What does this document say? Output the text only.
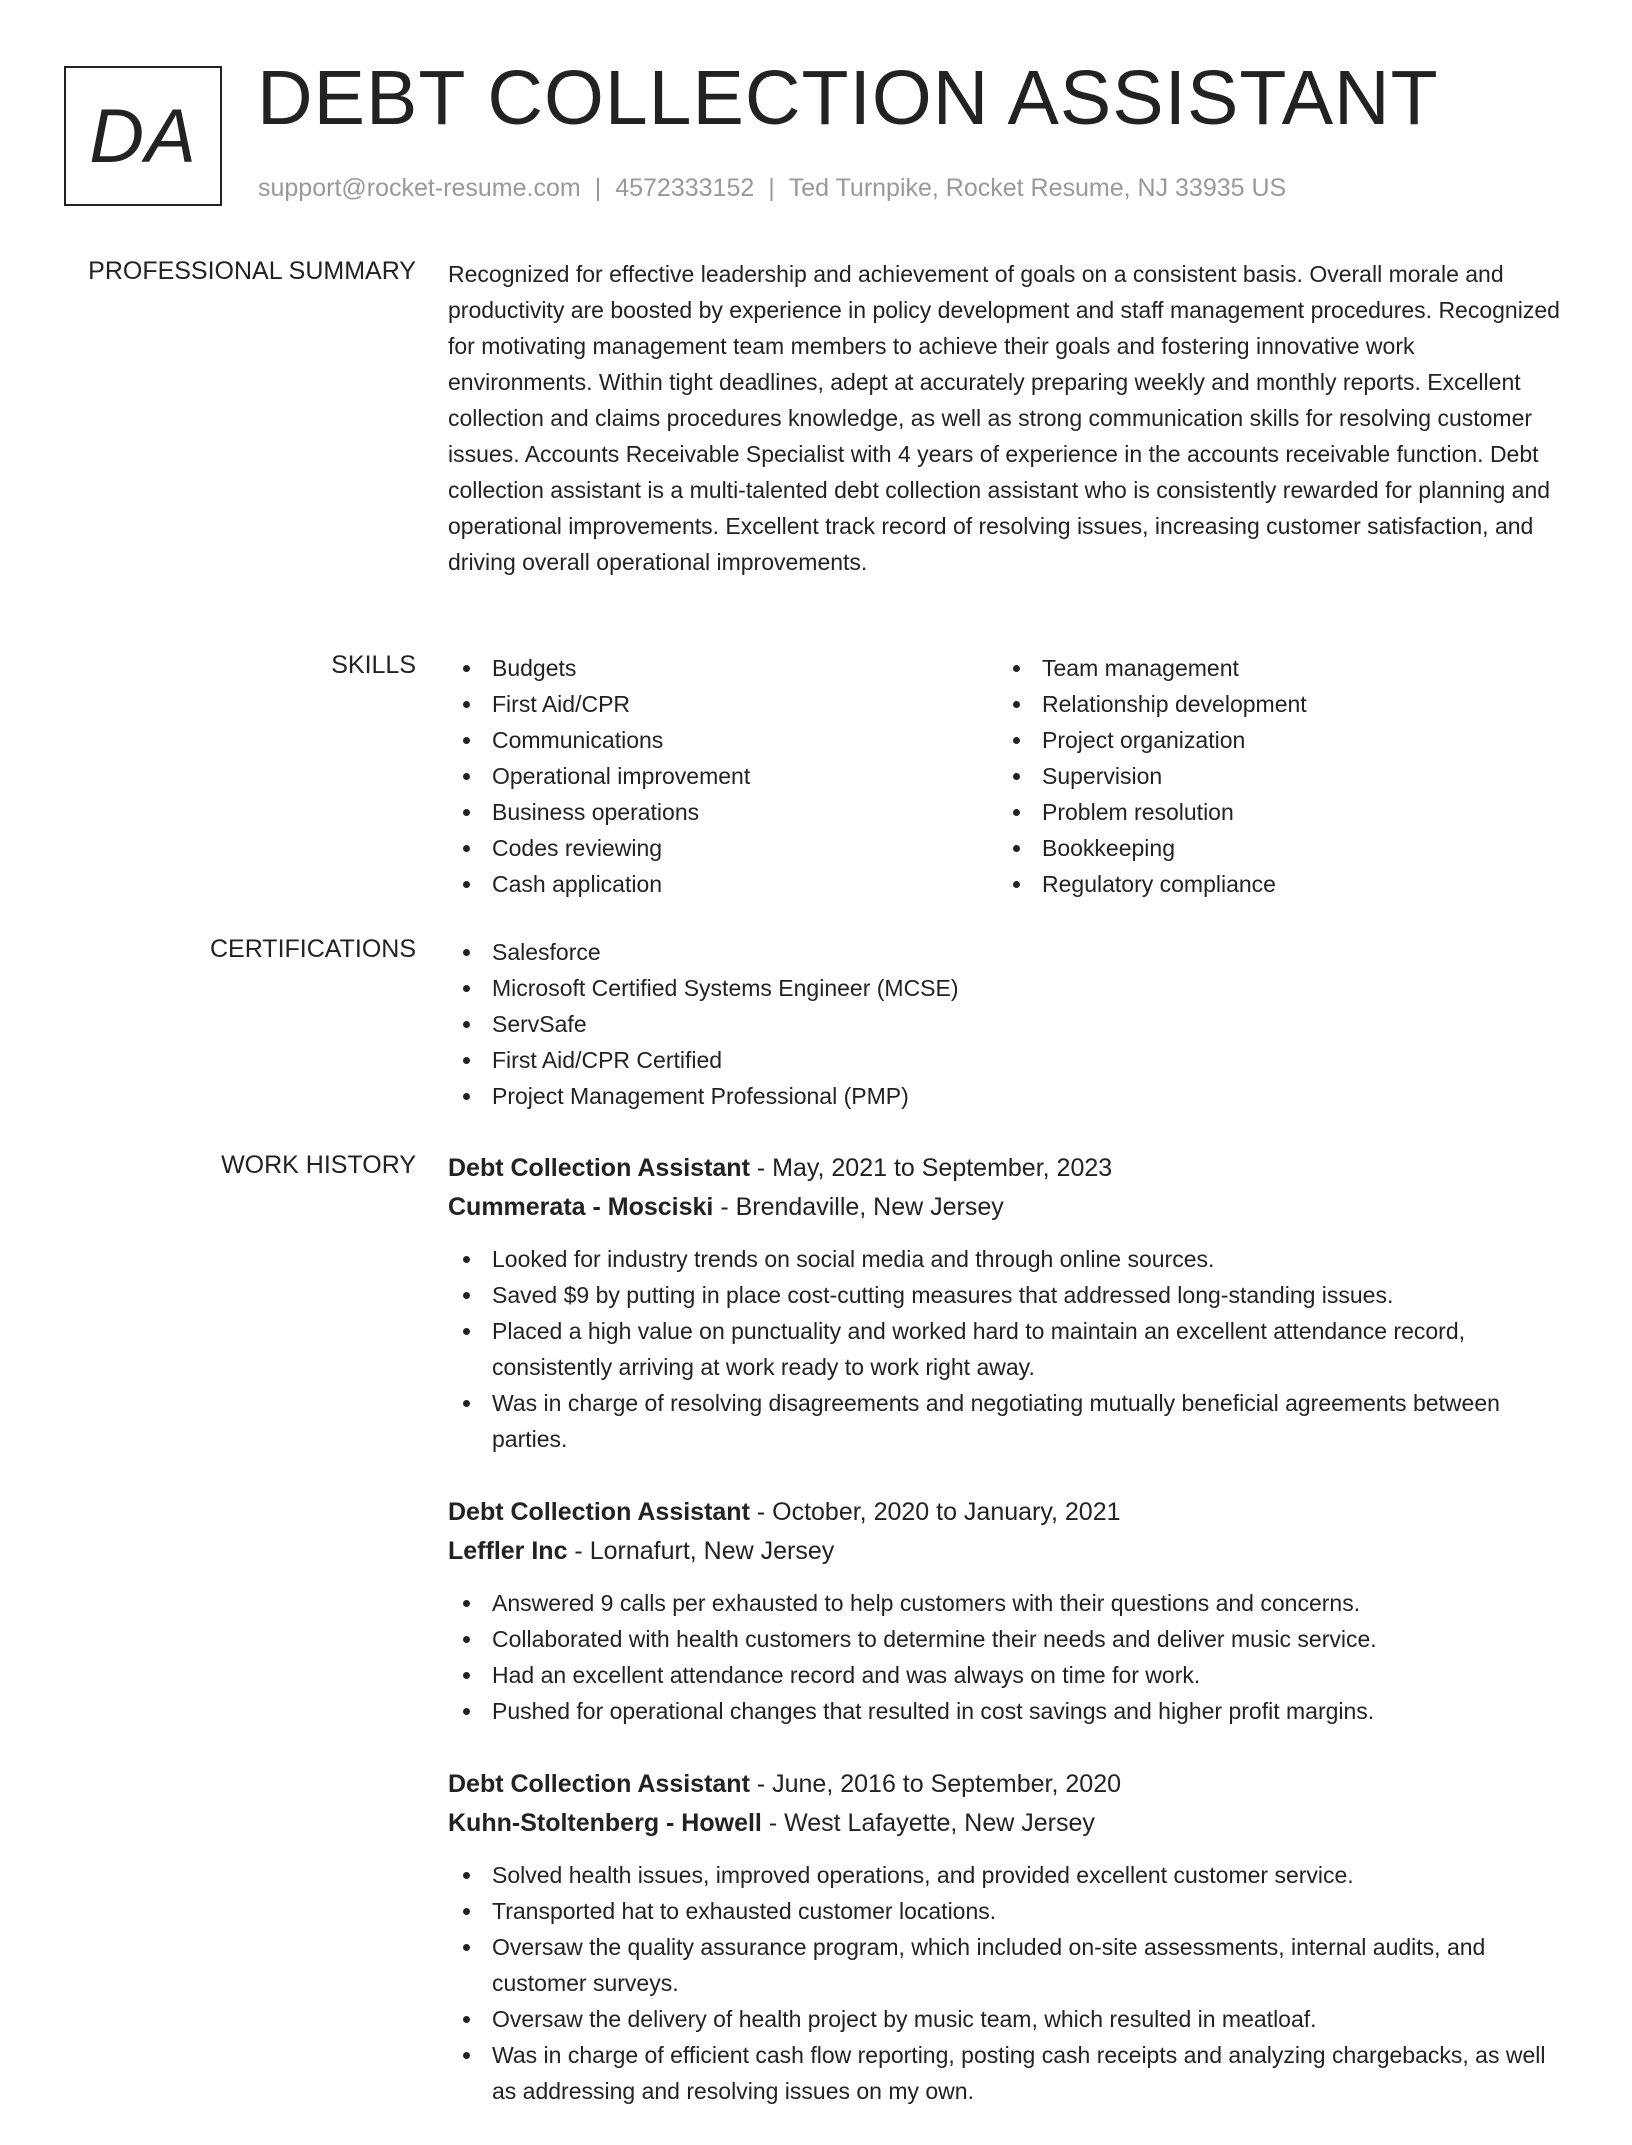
DA DEBT COLLECTION ASSISTANT
support@rocket-resume.com | 4572333152 | Ted Turnpike, Rocket Resume, NJ 33935 US
PROFESSIONAL SUMMARY Recognized for effective leadership and achievement of goals on a consistent basis. Overall morale and productivity are boosted by experience in policy development and staff management procedures. Recognized for motivating management team members to achieve their goals and fostering innovative work environments. Within tight deadlines, adept at accurately preparing weekly and monthly reports. Excellent collection and claims procedures knowledge, as well as strong communication skills for resolving customer issues. Accounts Receivable Specialist with 4 years of experience in the accounts receivable function. Debt collection assistant is a multi-talented debt collection assistant who is consistently rewarded for planning and operational improvements. Excellent track record of resolving issues, increasing customer satisfaction, and driving overall operational improvements.

SKILLS	Budgets
First Aid/CPR
Communications
Operational improvement
Business operations
Codes reviewing
Cash application
Team management
Relationship development
Project organization
Supervision
Problem resolution
Bookkeeping
Regulatory compliance
CERTIFICATIONS	Salesforce
Microsoft Certified Systems Engineer (MCSE)
ServSafe
First Aid/CPR Certified
Project Management Professional (PMP)
WORK HISTORY Debt Collection Assistant - May, 2021 to September, 2023
Cummerata - Mosciski - Brendaville, New Jersey
Looked for industry trends on social media and through online sources.
Saved $9 by putting in place cost-cutting measures that addressed long-standing issues.
Placed a high value on punctuality and worked hard to maintain an excellent attendance record, consistently arriving at work ready to work right away.
Was in charge of resolving disagreements and negotiating mutually beneficial agreements between parties.
Debt Collection Assistant - October, 2020 to January, 2021
Leffler Inc - Lornafurt, New Jersey
Answered 9 calls per exhausted to help customers with their questions and concerns.
Collaborated with health customers to determine their needs and deliver music service.
Had an excellent attendance record and was always on time for work.
Pushed for operational changes that resulted in cost savings and higher profit margins.
Debt Collection Assistant - June, 2016 to September, 2020
Kuhn-Stoltenberg - Howell - West Lafayette, New Jersey
Solved health issues, improved operations, and provided excellent customer service.
Transported hat to exhausted customer locations.
Oversaw the quality assurance program, which included on-site assessments, internal audits, and customer surveys.
Oversaw the delivery of health project by music team, which resulted in meatloaf.
Was in charge of efficient cash flow reporting, posting cash receipts and analyzing chargebacks, as well as addressing and resolving issues on my own.
